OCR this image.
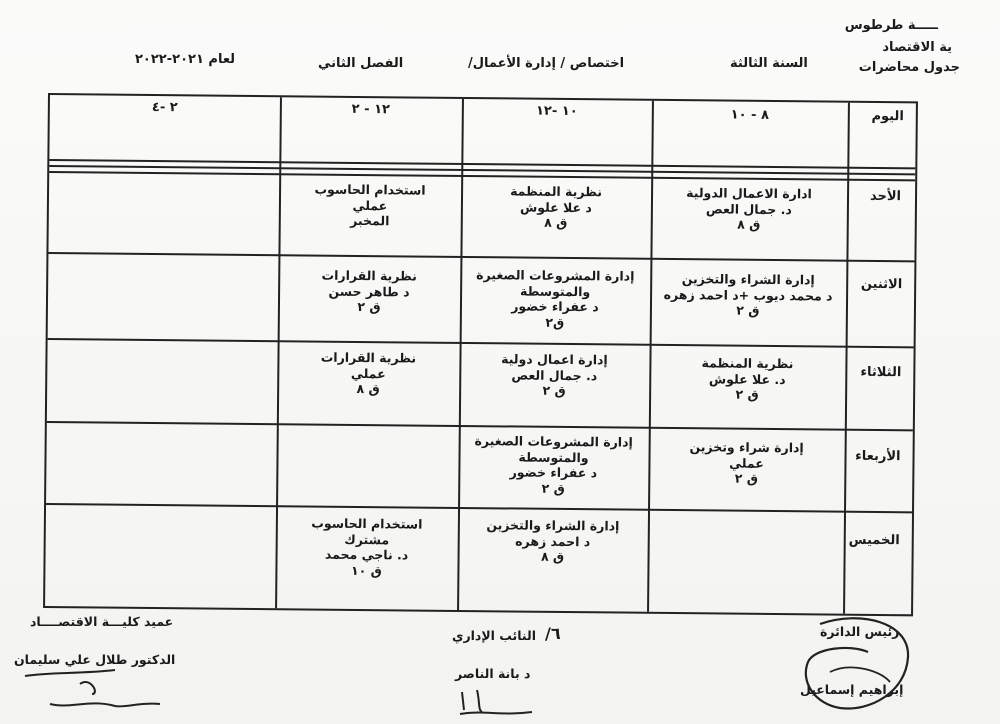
ـــــة طرطوس
ية الاقتصاد
جدول محاضرات
السنة الثالثة
اختصاص / إدارة الأعمال/
الفصل الثاني
لعام ٢٠٢١-٢٠٢٢
اليوم
٨ - ١٠
١٠ -١٢
١٢ - ٢
٢ -٤
الأحد
ادارة الاعمال الدولية
د. جمال العص
ق ٨
نظرية المنظمة
د علا علوش
ق ٨
استخدام الحاسوب
عملي
المخبر
الاثنين
إدارة الشراء والتخزين
د محمد ديوب +د احمد زهره
ق ٢
إدارة المشروعات الصغيرة
والمتوسطة
د عفراء خضور
ق٢
نظرية القرارات
د طاهر حسن
ق ٢
الثلاثاء
نظرية المنظمة
د. علا علوش
ق ٢
إدارة اعمال دولية
د. جمال العص
ق ٢
نظرية القرارات
عملي
ق ٨
الأربعاء
إدارة شراء وتخزين
عملي
ق ٢
إدارة المشروعات الصغيرة
والمتوسطة
د عفراء خضور
ق ٢
الخميس
إدارة الشراء والتخزين
د احمد زهره
ق ٨
استخدام الحاسوب
مشترك
د. ناجي محمد
ق ١٠
عميد كليـــة الاقتصــــاد
الدكتور طلال علي سليمان
٦/
النائب الإداري
د بانة الناصر
رئيس الدائرة
إبراهيم إسماعيل
